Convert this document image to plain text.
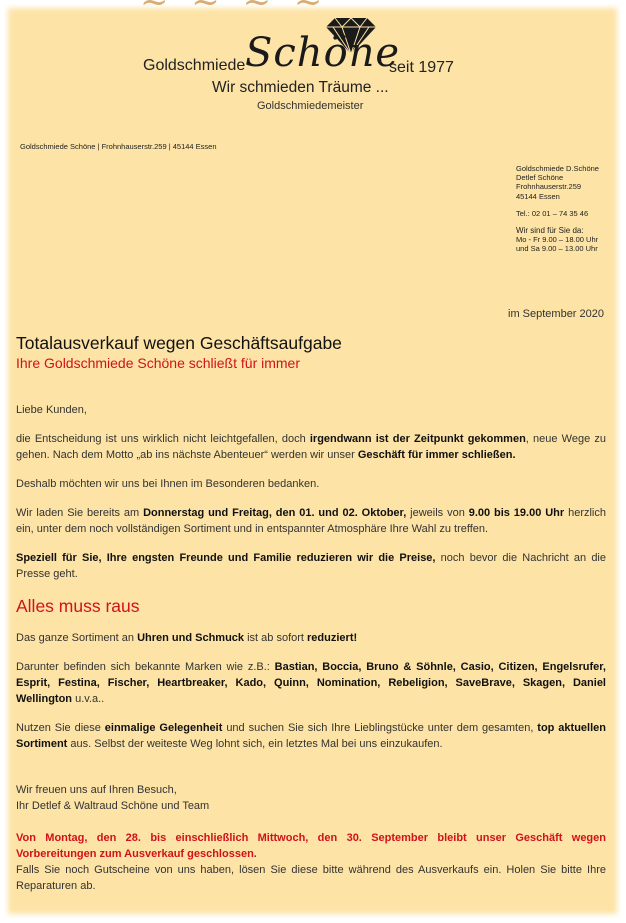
Goldschmiede Schöne
seit 1977
Wir schmieden Träume ...
Goldschmiedemeister
Goldschmiede Schöne | Frohnhauserstr.259 | 45144 Essen
Goldschmiede D.Schöne
Detlef Schöne
Frohnhauserstr.259
45144 Essen
Tel.: 02 01 – 74 35 46
Wir sind für Sie da:
Mo - Fr 9.00 – 18.00 Uhr
und Sa 9.00 – 13.00 Uhr
im September 2020
Totalausverkauf wegen Geschäftsaufgabe
Ihre Goldschmiede Schöne schließt für immer

Liebe Kunden,

die Entscheidung ist uns wirklich nicht leichtgefallen, doch irgendwann ist der Zeitpunkt gekommen, neue Wege zu gehen. Nach dem Motto „ab ins nächste Abenteuer“ werden wir unser Geschäft für immer schließen.

Deshalb möchten wir uns bei Ihnen im Besonderen bedanken.

Wir laden Sie bereits am Donnerstag und Freitag, den 01. und 02. Oktober, jeweils von 9.00 bis 19.00 Uhr herzlich ein, unter dem noch vollständigen Sortiment und in entspannter Atmosphäre Ihre Wahl zu treffen.

Speziell für Sie, Ihre engsten Freunde und Familie reduzieren wir die Preise, noch bevor die Nachricht an die Presse geht.

Alles muss raus

Das ganze Sortiment an Uhren und Schmuck ist ab sofort reduziert!

Darunter befinden sich bekannte Marken wie z.B.: Bastian, Boccia, Bruno & Söhnle, Casio, Citizen, Engelsrufer, Esprit, Festina, Fischer, Heartbreaker, Kado, Quinn, Nomination, Rebeligion, SaveBrave, Skagen, Daniel Wellington u.v.a..

Nutzen Sie diese einmalige Gelegenheit und suchen Sie sich Ihre Lieblingstücke unter dem gesamten, top aktuellen Sortiment aus. Selbst der weiteste Weg lohnt sich, ein letztes Mal bei uns einzukaufen.

Wir freuen uns auf Ihren Besuch,

Ihr Detlef & Waltraud Schöne und Team

Von Montag, den 28. bis einschließlich Mittwoch, den 30. September bleibt unser Geschäft wegen Vorbereitungen zum Ausverkauf geschlossen.

Falls Sie noch Gutscheine von uns haben, lösen Sie diese bitte während des Ausverkaufs ein. Holen Sie bitte Ihre Reparaturen ab.
